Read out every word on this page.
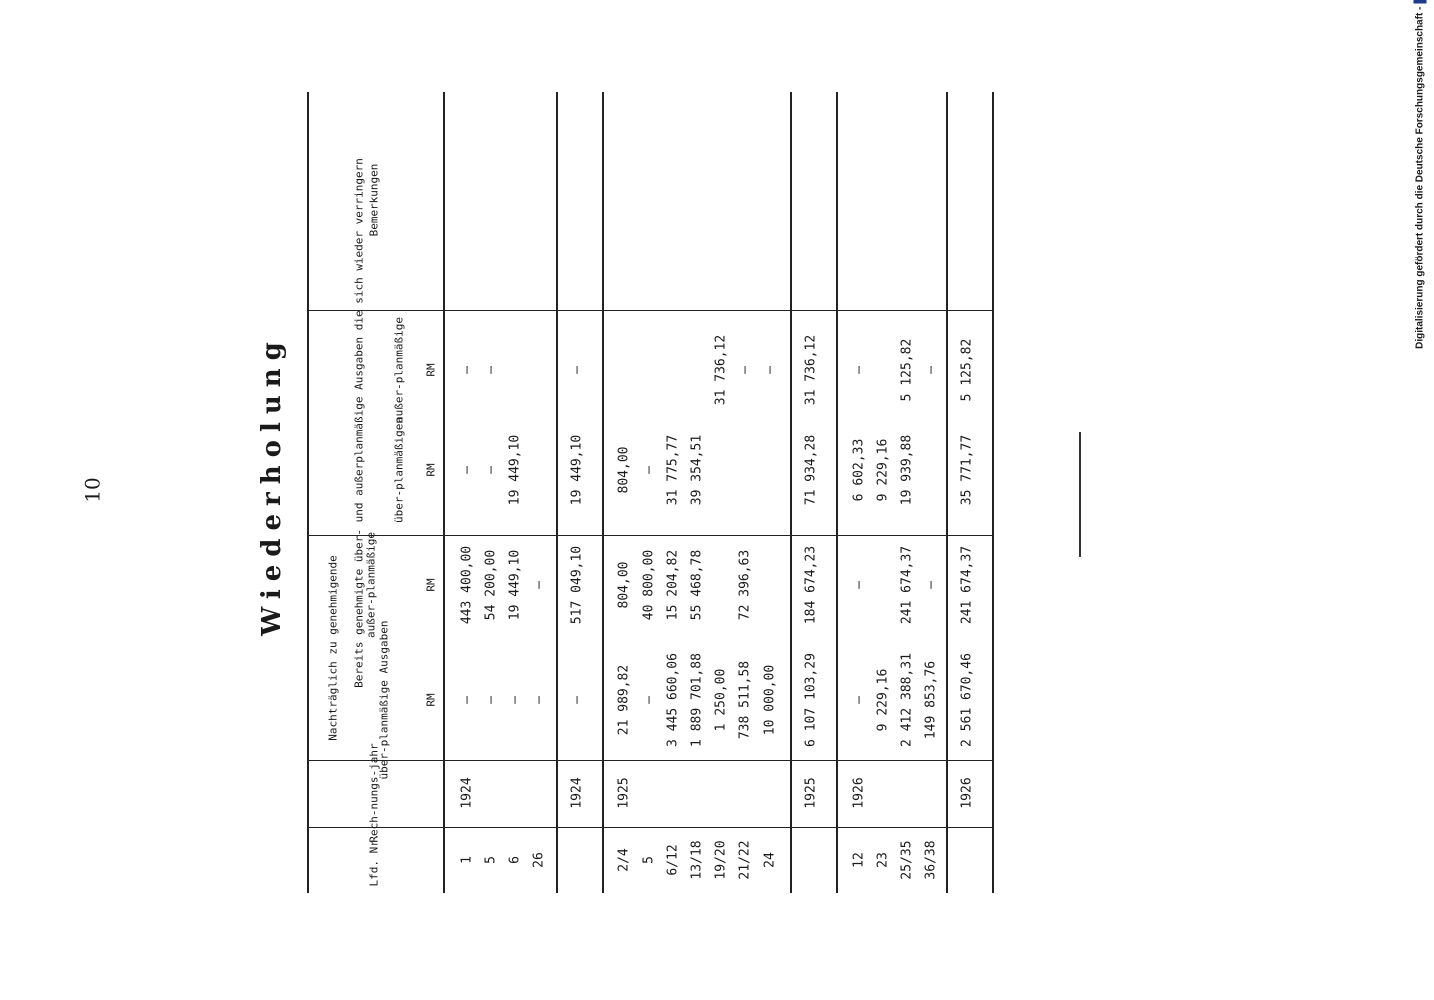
10	Wiederholung
Digitalisierung gefördert durch die Deutsche Forschungsgemeinschaft -
Lfd. Nr.
Rech-nungs-jahr
Nachträglich zu genehmigende	über-planmäßige Ausgaben
außer-planmäßige
RM
RM
Bereits genehmigte über- und außerplanmäßige Ausgaben die sich wieder verringern über-planmäßigen
außer-planmäßige
RM
RM
Bemerkungen
1
1924
—
443 400,00
—
—
5
—
54 200,00
—
—
6
—
19 449,10
19 449,10
26
—
—
1924
—
517 049,10
19 449,10
—
2/4
1925
21 989,82
804,00
804,00
5
—
40 800,00
—
6/12
3 445 660,06
15 204,82
31 775,77
13/18
1 889 701,88
55 468,78
39 354,51
19/20
1 250,00
31 736,12
21/22
738 511,58
72 396,63
—
24
10 000,00
—
1925
6 107 103,29
184 674,23
71 934,28
31 736,12
12
1926
—
—
6 602,33
—
23
9 229,16
9 229,16
25/35
2 412 388,31
241 674,37
19 939,88
5 125,82
36/38
149 853,76
—
—
1926
2 561 670,46
241 674,37
35 771,77
5 125,82
